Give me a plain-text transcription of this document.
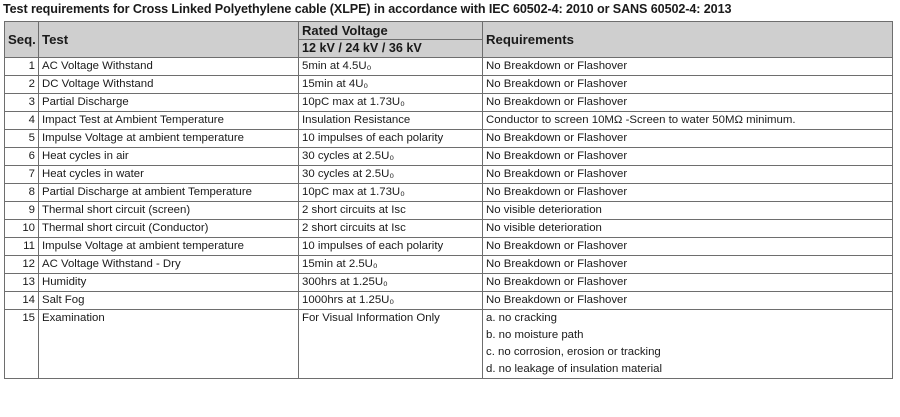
Test requirements for Cross Linked Polyethylene cable (XLPE) in accordance with IEC 60502-4: 2010 or SANS 60502-4: 2013
Seq.	Test	Rated Voltage	Requirements
		12 kV / 24 kV / 36 kV	
1	AC Voltage Withstand	5min at 4.5U₀	No Breakdown or Flashover
2	DC Voltage Withstand	15min at 4U₀	No Breakdown or Flashover
3	Partial Discharge	10pC max at 1.73U₀	No Breakdown or Flashover
4	Impact Test at Ambient Temperature	Insulation Resistance	Conductor to screen 10MΩ -Screen to water 50MΩ minimum.
5	Impulse Voltage at ambient temperature	10 impulses of each polarity	No Breakdown or Flashover
6	Heat cycles in air	30 cycles at 2.5U₀	No Breakdown or Flashover
7	Heat cycles in water	30 cycles at 2.5U₀	No Breakdown or Flashover
8	Partial Discharge at ambient Temperature	10pC max at 1.73U₀	No Breakdown or Flashover
9	Thermal short circuit (screen)	2 short circuits at Isc	No visible deterioration
10	Thermal short circuit (Conductor)	2 short circuits at Isc	No visible deterioration
11	Impulse Voltage at ambient temperature	10 impulses of each polarity	No Breakdown or Flashover
12	AC Voltage Withstand - Dry	15min at 2.5U₀	No Breakdown or Flashover
13	Humidity	300hrs at 1.25U₀	No Breakdown or Flashover
14	Salt Fog	1000hrs at 1.25U₀	No Breakdown or Flashover
15	Examination	For Visual Information Only	a. no cracking
b. no moisture path
c. no corrosion, erosion or tracking
d. no leakage of insulation material
